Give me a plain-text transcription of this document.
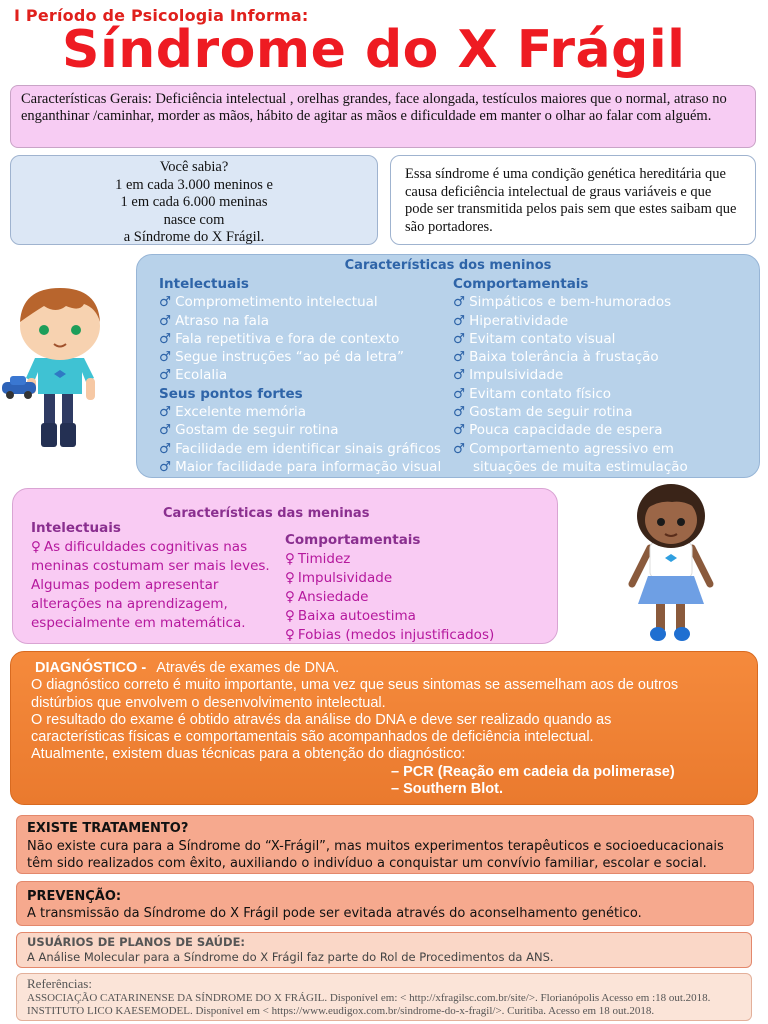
I Período de Psicologia Informa:
Síndrome do X Frágil
Características Gerais: Deficiência intelectual , orelhas grandes, face alongada, testículos maiores que o normal, atraso no enganthinar /caminhar, morder as mãos, hábito de agitar as mãos e dificuldade em manter o olhar ao falar com alguém.
Você sabia?
1 em cada 3.000 meninos e
1 em cada 6.000 meninas
nasce com
a Síndrome do X Frágil.
Essa síndrome é uma condição genética hereditária que causa deficiência intelectual de graus variáveis e que pode ser transmitida pelos pais sem que estes saibam que são portadores.
Características dos meninos
Intelectuais
♂ Comprometimento intelectual
♂ Atraso na fala
♂ Fala repetitiva e fora de contexto
♂ Segue instruções “ao pé da letra”
♂ Ecolalia
Seus pontos fortes
♂ Excelente memória
♂ Gostam de seguir rotina
♂ Facilidade em identificar sinais gráficos
♂ Maior facilidade para informação visual
Comportamentais
♂ Simpáticos e bem-humorados
♂ Hiperatividade
♂ Evitam contato visual
♂ Baixa tolerância à frustação
♂ Impulsividade
♂ Evitam contato físico
♂ Gostam de seguir rotina
♂ Pouca capacidade de espera
♂ Comportamento agressivo em
situações de muita estimulação
Características das meninas
Intelectuais
♀ As dificuldades cognitivas nas
meninas costumam ser mais leves.
Algumas podem apresentar
alterações na aprendizagem,
especialmente em matemática.
Comportamentais
♀ Timidez
♀ Impulsividade
♀ Ansiedade
♀ Baixa autoestima
♀ Fobias (medos injustificados)
DIAGNÓSTICO - Através de exames de DNA.
O diagnóstico correto é muito importante, uma vez que seus sintomas se assemelham aos de outros
distúrbios que envolvem o desenvolvimento intelectual.
O resultado do exame é obtido através da análise do DNA e deve ser realizado quando as
características físicas e comportamentais são acompanhados de deficiência intelectual.
Atualmente, existem duas técnicas para a obtenção do diagnóstico:
– PCR (Reação em cadeia da polimerase)
– Southern Blot.
EXISTE TRATAMENTO?
Não existe cura para a Síndrome do “X-Frágil”, mas muitos experimentos terapêuticos e socioeducacionais têm sido realizados com êxito, auxiliando o indivíduo a conquistar um convívio familiar, escolar e social.
PREVENÇÃO:
A transmissão da Síndrome do X Frágil pode ser evitada através do aconselhamento genético.
USUÁRIOS DE PLANOS DE SAÚDE:
A Análise Molecular para a Síndrome do X Frágil faz parte do Rol de Procedimentos da ANS.
Referências:
ASSOCIAÇÃO CATARINENSE DA SÍNDROME DO X FRÁGIL. Disponível em: < http://xfragilsc.com.br/site/>. Florianópolis Acesso em :18 out.2018.
INSTITUTO LICO KAESEMODEL. Disponível em < https://www.eudigox.com.br/sindrome-do-x-fragil/>. Curitiba. Acesso em 18 out.2018.
